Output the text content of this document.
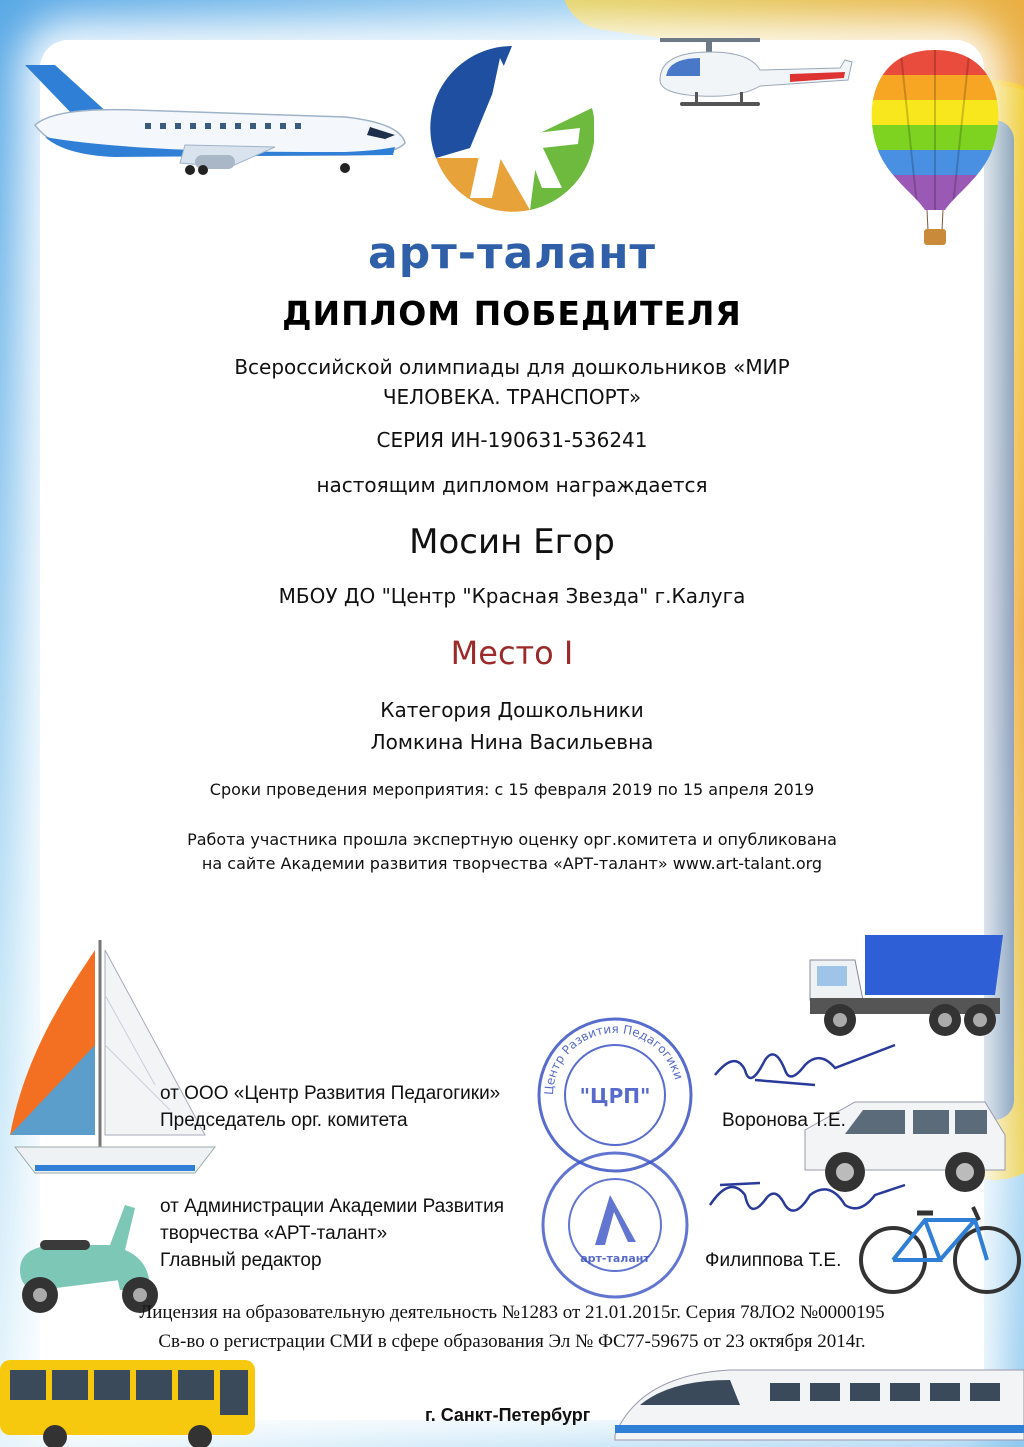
арт-талант
ДИПЛОМ ПОБЕДИТЕЛЯ
Всероссийской олимпиады для дошкольников «МИР ЧЕЛОВЕКА. ТРАНСПОРТ»
СЕРИЯ ИН-190631-536241
настоящим дипломом награждается
Мосин Егор
МБОУ ДО "Центр "Красная Звезда" г.Калуга
Место I
Категория Дошкольники
Ломкина Нина Васильевна
Сроки проведения мероприятия: с 15 февраля 2019 по 15 апреля 2019
Работа участника прошла экспертную оценку орг.комитета и опубликована
на сайте Академии развития творчества «АРТ-талант» www.art-talant.org
Центр Развития Педагогики
"ЦРП"
арт-талант
от ООО «Центр Развития Педагогики»
Председатель орг. комитета	Воронова Т.Е.
от Администрации Академии Развития
творчества «АРТ-талант»
Главный редактор	Филиппова Т.Е.
Лицензия на образовательную деятельность №1283 от 21.01.2015г. Серия 78ЛО2 №0000195
Св-во о регистрации СМИ в сфере образования Эл № ФС77-59675 от 23 октября 2014г.
г. Санкт-Петербург
